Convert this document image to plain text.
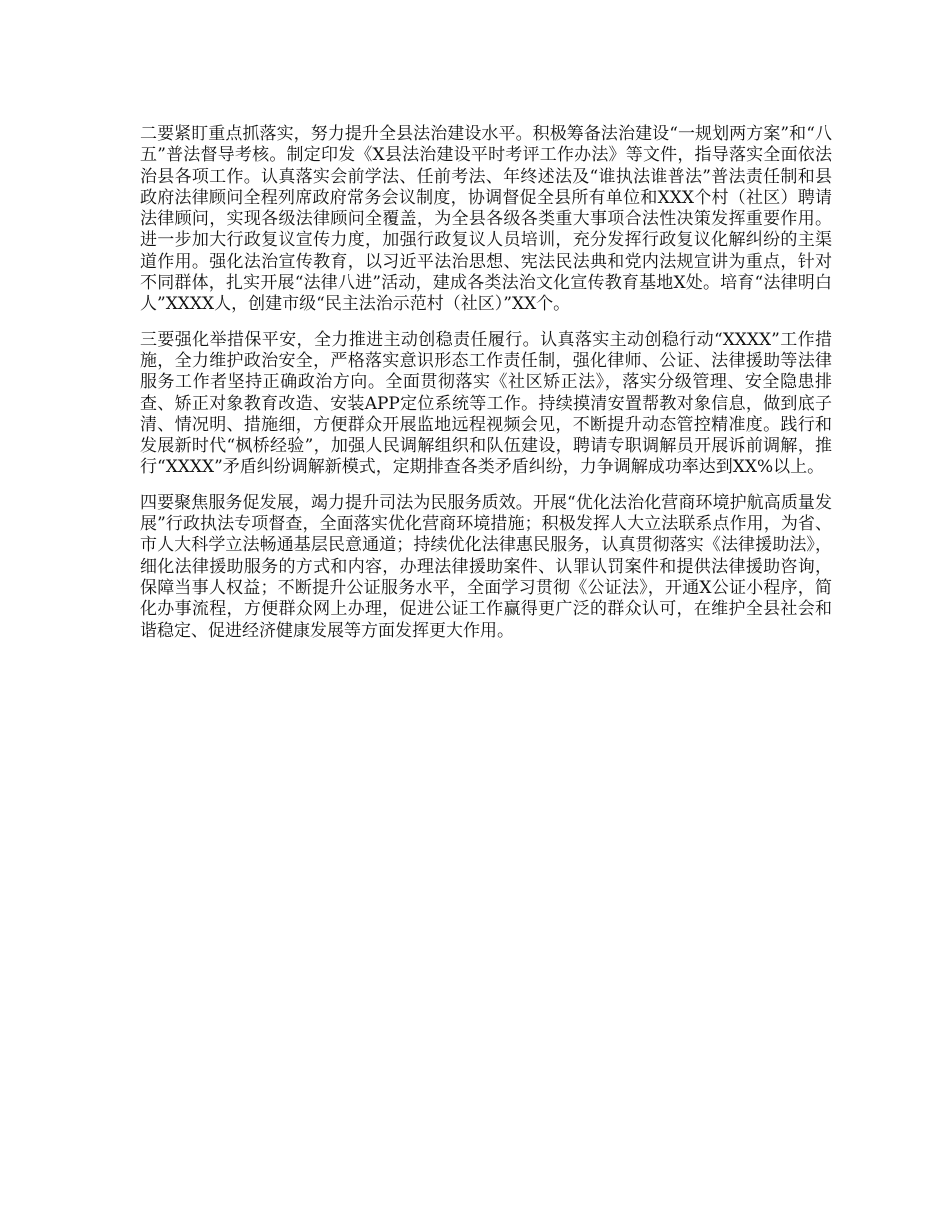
二要紧盯重点抓落实，努力提升全县法治建设水平。积极筹备法治建设“一规划两方案”和“八五”普法督导考核。制定印发《X县法治建设平时考评工作办法》等文件，指导落实全面依法治县各项工作。认真落实会前学法、任前考法、年终述法及“谁执法谁普法”普法责任制和县政府法律顾问全程列席政府常务会议制度，协调督促全县所有单位和XXX个村（社区）聘请法律顾问，实现各级法律顾问全覆盖，为全县各级各类重大事项合法性决策发挥重要作用。进一步加大行政复议宣传力度，加强行政复议人员培训，充分发挥行政复议化解纠纷的主渠道作用。强化法治宣传教育，以习近平法治思想、宪法民法典和党内法规宣讲为重点，针对不同群体，扎实开展“法律八进”活动，建成各类法治文化宣传教育基地X处。培育“法律明白人”XXXX人，创建市级“民主法治示范村（社区）”XX个。

三要强化举措保平安，全力推进主动创稳责任履行。认真落实主动创稳行动“XXXX”工作措施，全力维护政治安全，严格落实意识形态工作责任制，强化律师、公证、法律援助等法律服务工作者坚持正确政治方向。全面贯彻落实《社区矫正法》，落实分级管理、安全隐患排查、矫正对象教育改造、安装APP定位系统等工作。持续摸清安置帮教对象信息，做到底子清、情况明、措施细，方便群众开展监地远程视频会见，不断提升动态管控精准度。践行和发展新时代“枫桥经验”，加强人民调解组织和队伍建设，聘请专职调解员开展诉前调解，推行“XXXX”矛盾纠纷调解新模式，定期排查各类矛盾纠纷，力争调解成功率达到XX%以上。

四要聚焦服务促发展，竭力提升司法为民服务质效。开展“优化法治化营商环境护航高质量发展”行政执法专项督查，全面落实优化营商环境措施；积极发挥人大立法联系点作用，为省、市人大科学立法畅通基层民意通道；持续优化法律惠民服务，认真贯彻落实《法律援助法》，细化法律援助服务的方式和内容，办理法律援助案件、认罪认罚案件和提供法律援助咨询，保障当事人权益；不断提升公证服务水平，全面学习贯彻《公证法》，开通X公证小程序，简化办事流程，方便群众网上办理，促进公证工作赢得更广泛的群众认可，在维护全县社会和谐稳定、促进经济健康发展等方面发挥更大作用。
